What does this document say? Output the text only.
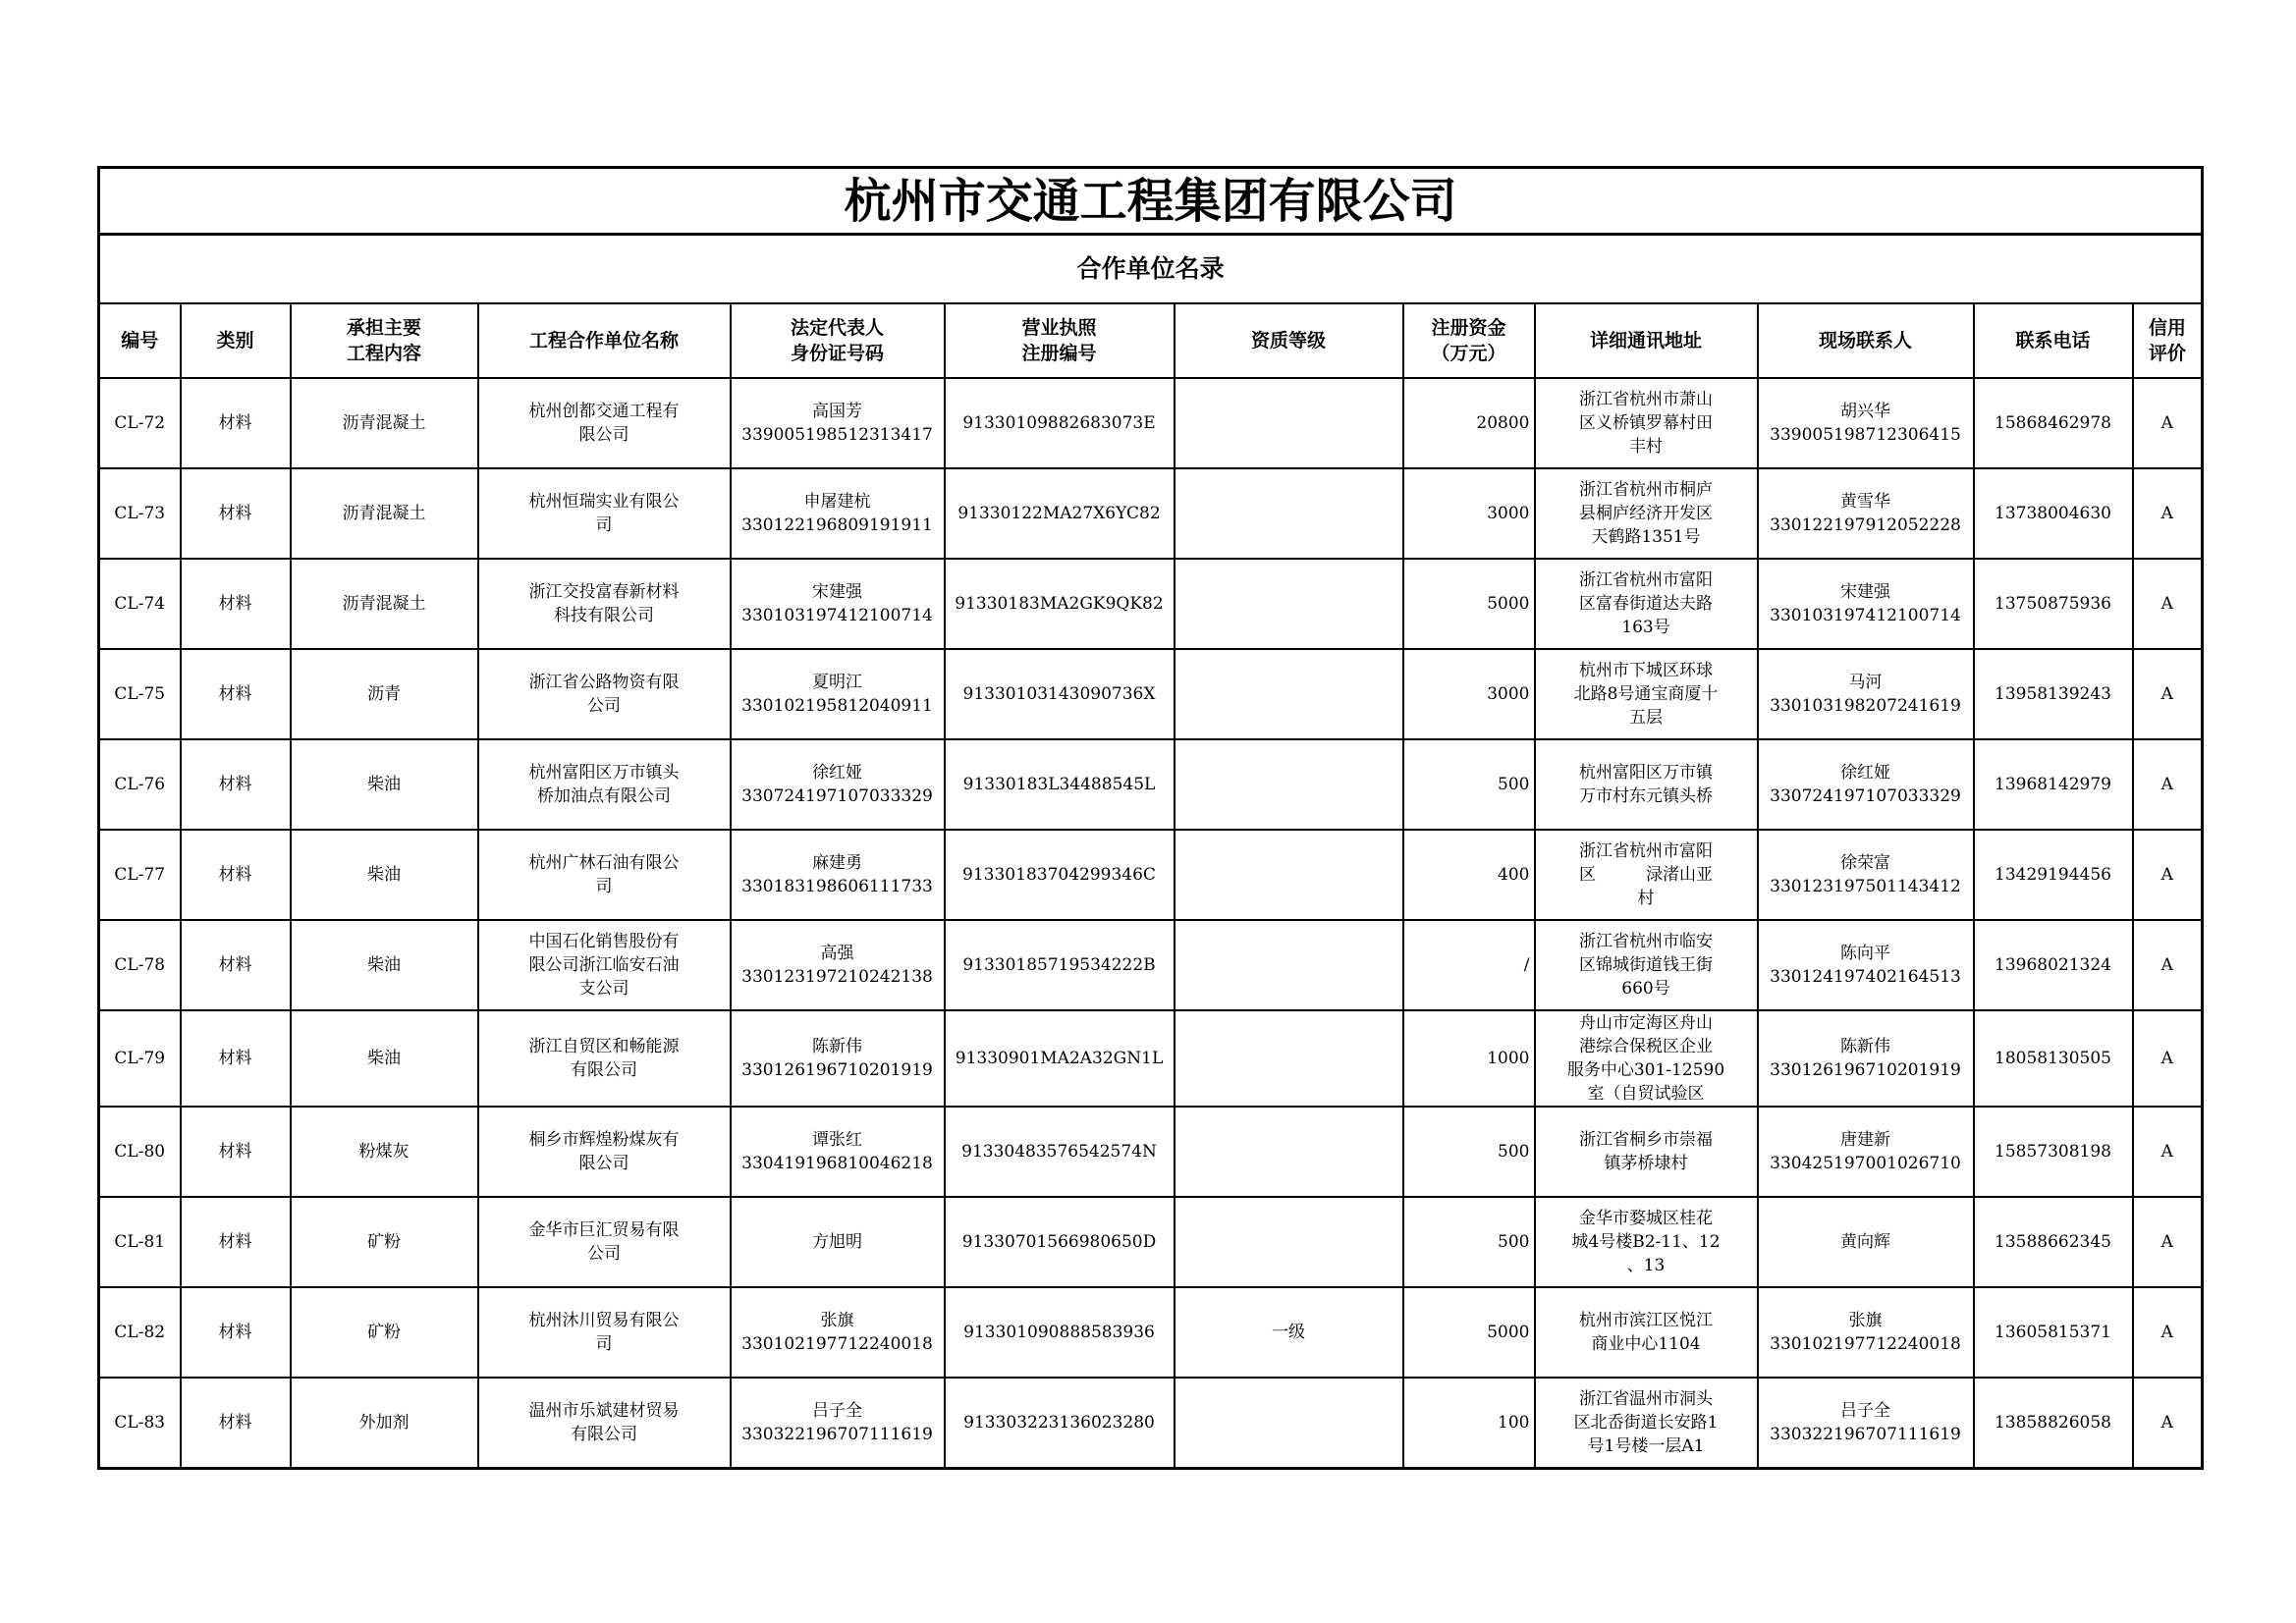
杭州市交通工程集团有限公司											
合作单位名录											

编号	类别	承担主要
工程内容	工程合作单位名称	法定代表人
身份证号码	营业执照
注册编号	资质等级	注册资金
（万元）	详细通讯地址	现场联系人	联系电话	信用
评价

CL-72	材料	沥青混凝土	杭州创都交通工程有
限公司	高国芳
339005198512313417	91330109882683073E		20800	浙江省杭州市萧山
区义桥镇罗幕村田
丰村	胡兴华
339005198712306415	15868462978	A
CL-73	材料	沥青混凝土	杭州恒瑞实业有限公
司	申屠建杭
330122196809191911	91330122MA27X6YC82		3000	浙江省杭州市桐庐
县桐庐经济开发区
天鹤路1351号	黄雪华
330122197912052228	13738004630	A
CL-74	材料	沥青混凝土	浙江交投富春新材料
科技有限公司	宋建强
330103197412100714	91330183MA2GK9QK82		5000	浙江省杭州市富阳
区富春街道达夫路
163号	宋建强
330103197412100714	13750875936	A
CL-75	材料	沥青	浙江省公路物资有限
公司	夏明江
330102195812040911	91330103143090736X		3000	杭州市下城区环球
北路8号通宝商厦十
五层	马河
330103198207241619	13958139243	A
CL-76	材料	柴油	杭州富阳区万市镇头
桥加油点有限公司	徐红娅
330724197107033329	91330183L34488545L		500	杭州富阳区万市镇
万市村东元镇头桥	徐红娅
330724197107033329	13968142979	A
CL-77	材料	柴油	杭州广林石油有限公
司	麻建勇
330183198606111733	91330183704299346C		400	浙江省杭州市富阳
区　　　渌渚山亚
村	徐荣富
330123197501143412	13429194456	A
CL-78	材料	柴油	中国石化销售股份有
限公司浙江临安石油
支公司	高强
330123197210242138	91330185719534222B		/	浙江省杭州市临安
区锦城街道钱王街
660号	陈向平
330124197402164513	13968021324	A
CL-79	材料	柴油	浙江自贸区和畅能源
有限公司	陈新伟
330126196710201919	91330901MA2A32GN1L		1000	舟山市定海区舟山
港综合保税区企业
服务中心301-12590
室（自贸试验区	陈新伟
330126196710201919	18058130505	A
CL-80	材料	粉煤灰	桐乡市辉煌粉煤灰有
限公司	谭张红
330419196810046218	91330483576542574N		500	浙江省桐乡市崇福
镇茅桥埭村	唐建新
330425197001026710	15857308198	A
CL-81	材料	矿粉	金华市巨汇贸易有限
公司	方旭明	91330701566980650D		500	金华市婺城区桂花
城4号楼B2-11、12
、13	黄向辉	13588662345	A
CL-82	材料	矿粉	杭州沐川贸易有限公
司	张旗
330102197712240018	913301090888583936	一级	5000	杭州市滨江区悦江
商业中心1104	张旗
330102197712240018	13605815371	A
CL-83	材料	外加剂	温州市乐斌建材贸易
有限公司	吕子全
330322196707111619	913303223136023280		100	浙江省温州市洞头
区北岙街道长安路1
号1号楼一层A1	吕子全
330322196707111619	13858826058	A
